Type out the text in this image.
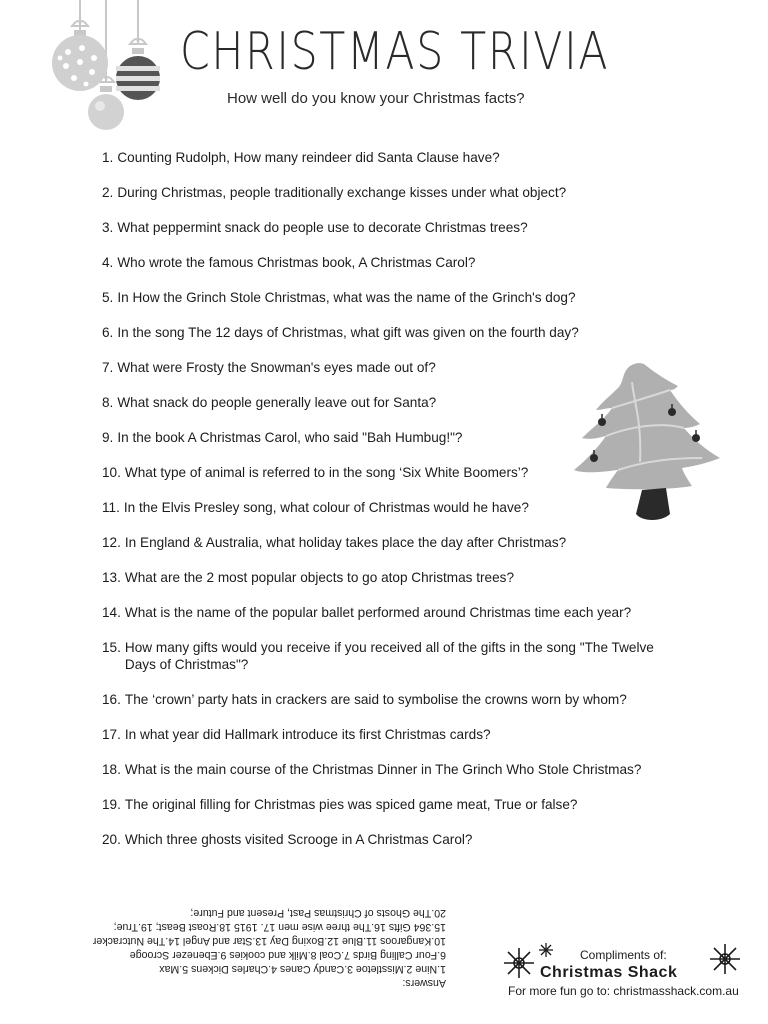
CHRISTMAS TRIVIA
How well do you know your Christmas facts?
1. Counting Rudolph, How many reindeer did Santa Clause have?
2. During Christmas, people traditionally exchange kisses under what object?
3. What peppermint snack do people use to decorate Christmas trees?
4. Who wrote the famous Christmas book, A Christmas Carol?
5. In How the Grinch Stole Christmas, what was the name of the Grinch's dog?
6. In the song The 12 days of Christmas, what gift was given on the fourth day?
7. What were Frosty the Snowman's eyes made out of?
8. What snack do people generally leave out for Santa?
9. In the book A Christmas Carol, who said "Bah Humbug!"?
10. What type of animal is referred to in the song ‘Six White Boomers’?
11. In the Elvis Presley song, what colour of Christmas would he have?
12. In England & Australia, what holiday takes place the day after Christmas?
13. What are the 2 most popular objects to go atop Christmas trees?
14. What is the name of the popular ballet performed around Christmas time each year?
15. How many gifts would you receive if you received all of the gifts in the song "The Twelve Days of Christmas"?
16. The ‘crown’ party hats in crackers are said to symbolise the crowns worn by whom?
17. In what year did Hallmark introduce its first Christmas cards?
18. What is the main course of the Christmas Dinner in The Grinch Who Stole Christmas?
19. The original filling for Christmas pies was spiced game meat, True or false?
20. Which three ghosts visited Scrooge in A Christmas Carol?
Answers:
1.Nine 2.Misstletoe 3.Candy Canes 4.Charles Dickens 5.Max
6.Four Calling Birds 7.Coal 8.Milk and cookies 9.Ebenezer Scrooge
10.Kangaroos 11.Blue 12.Boxing Day 13.Star and Angel 14.The Nutcracker
15.364 Gifts 16.The three wise men 17. 1915 18.Roast Beast; 19.True;
20.The Ghosts of Christmas Past, Present and Future;
Compliments of:
Christmas Shack
For more fun go to: christmasshack.com.au
